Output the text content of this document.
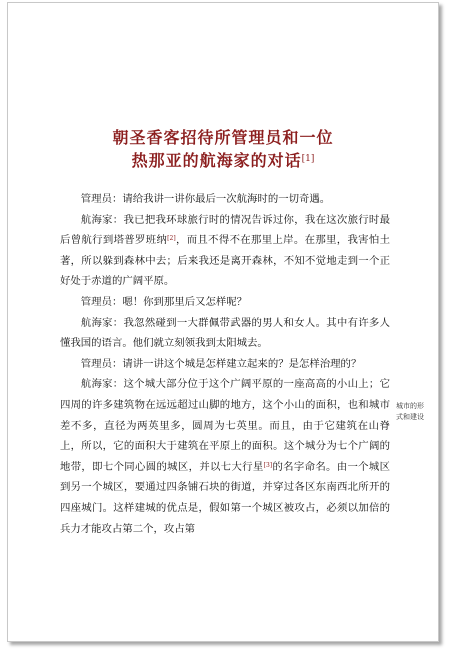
朝圣香客招待所管理员和一位
热那亚的航海家的对话[1]

管理员：请给我讲一讲你最后一次航海时的一切奇遇。

航海家：我已把我环球旅行时的情况告诉过你，我在这次旅行时最后曾航行到塔普罗班纳[2]，而且不得不在那里上岸。在那里，我害怕土著，所以躲到森林中去；后来我还是离开森林，不知不觉地走到一个正好处于赤道的广阔平原。

管理员：嗯！你到那里后又怎样呢？

航海家：我忽然碰到一大群佩带武器的男人和女人。其中有许多人懂我国的语言。他们就立刻领我到太阳城去。

管理员：请讲一讲这个城是怎样建立起来的？是怎样治理的？

航海家：这个城大部分位于这个广阔平原的一座高高的小山上；它四周的许多建筑物在远远超过山脚的地方，这个小山的面积，也和城市差不多，直径为两英里多，圆周为七英里。而且，由于它建筑在山脊上，所以，它的面积大于建筑在平原上的面积。这个城分为七个广阔的地带，即七个同心圆的城区，并以七大行星[3]的名字命名。由一个城区到另一个城区，要通过四条铺石块的街道，并穿过各区东南西北所开的四座城门。这样建城的优点是，假如第一个城区被攻占，必须以加倍的兵力才能攻占第二个，攻占第

城市的形式和建设
